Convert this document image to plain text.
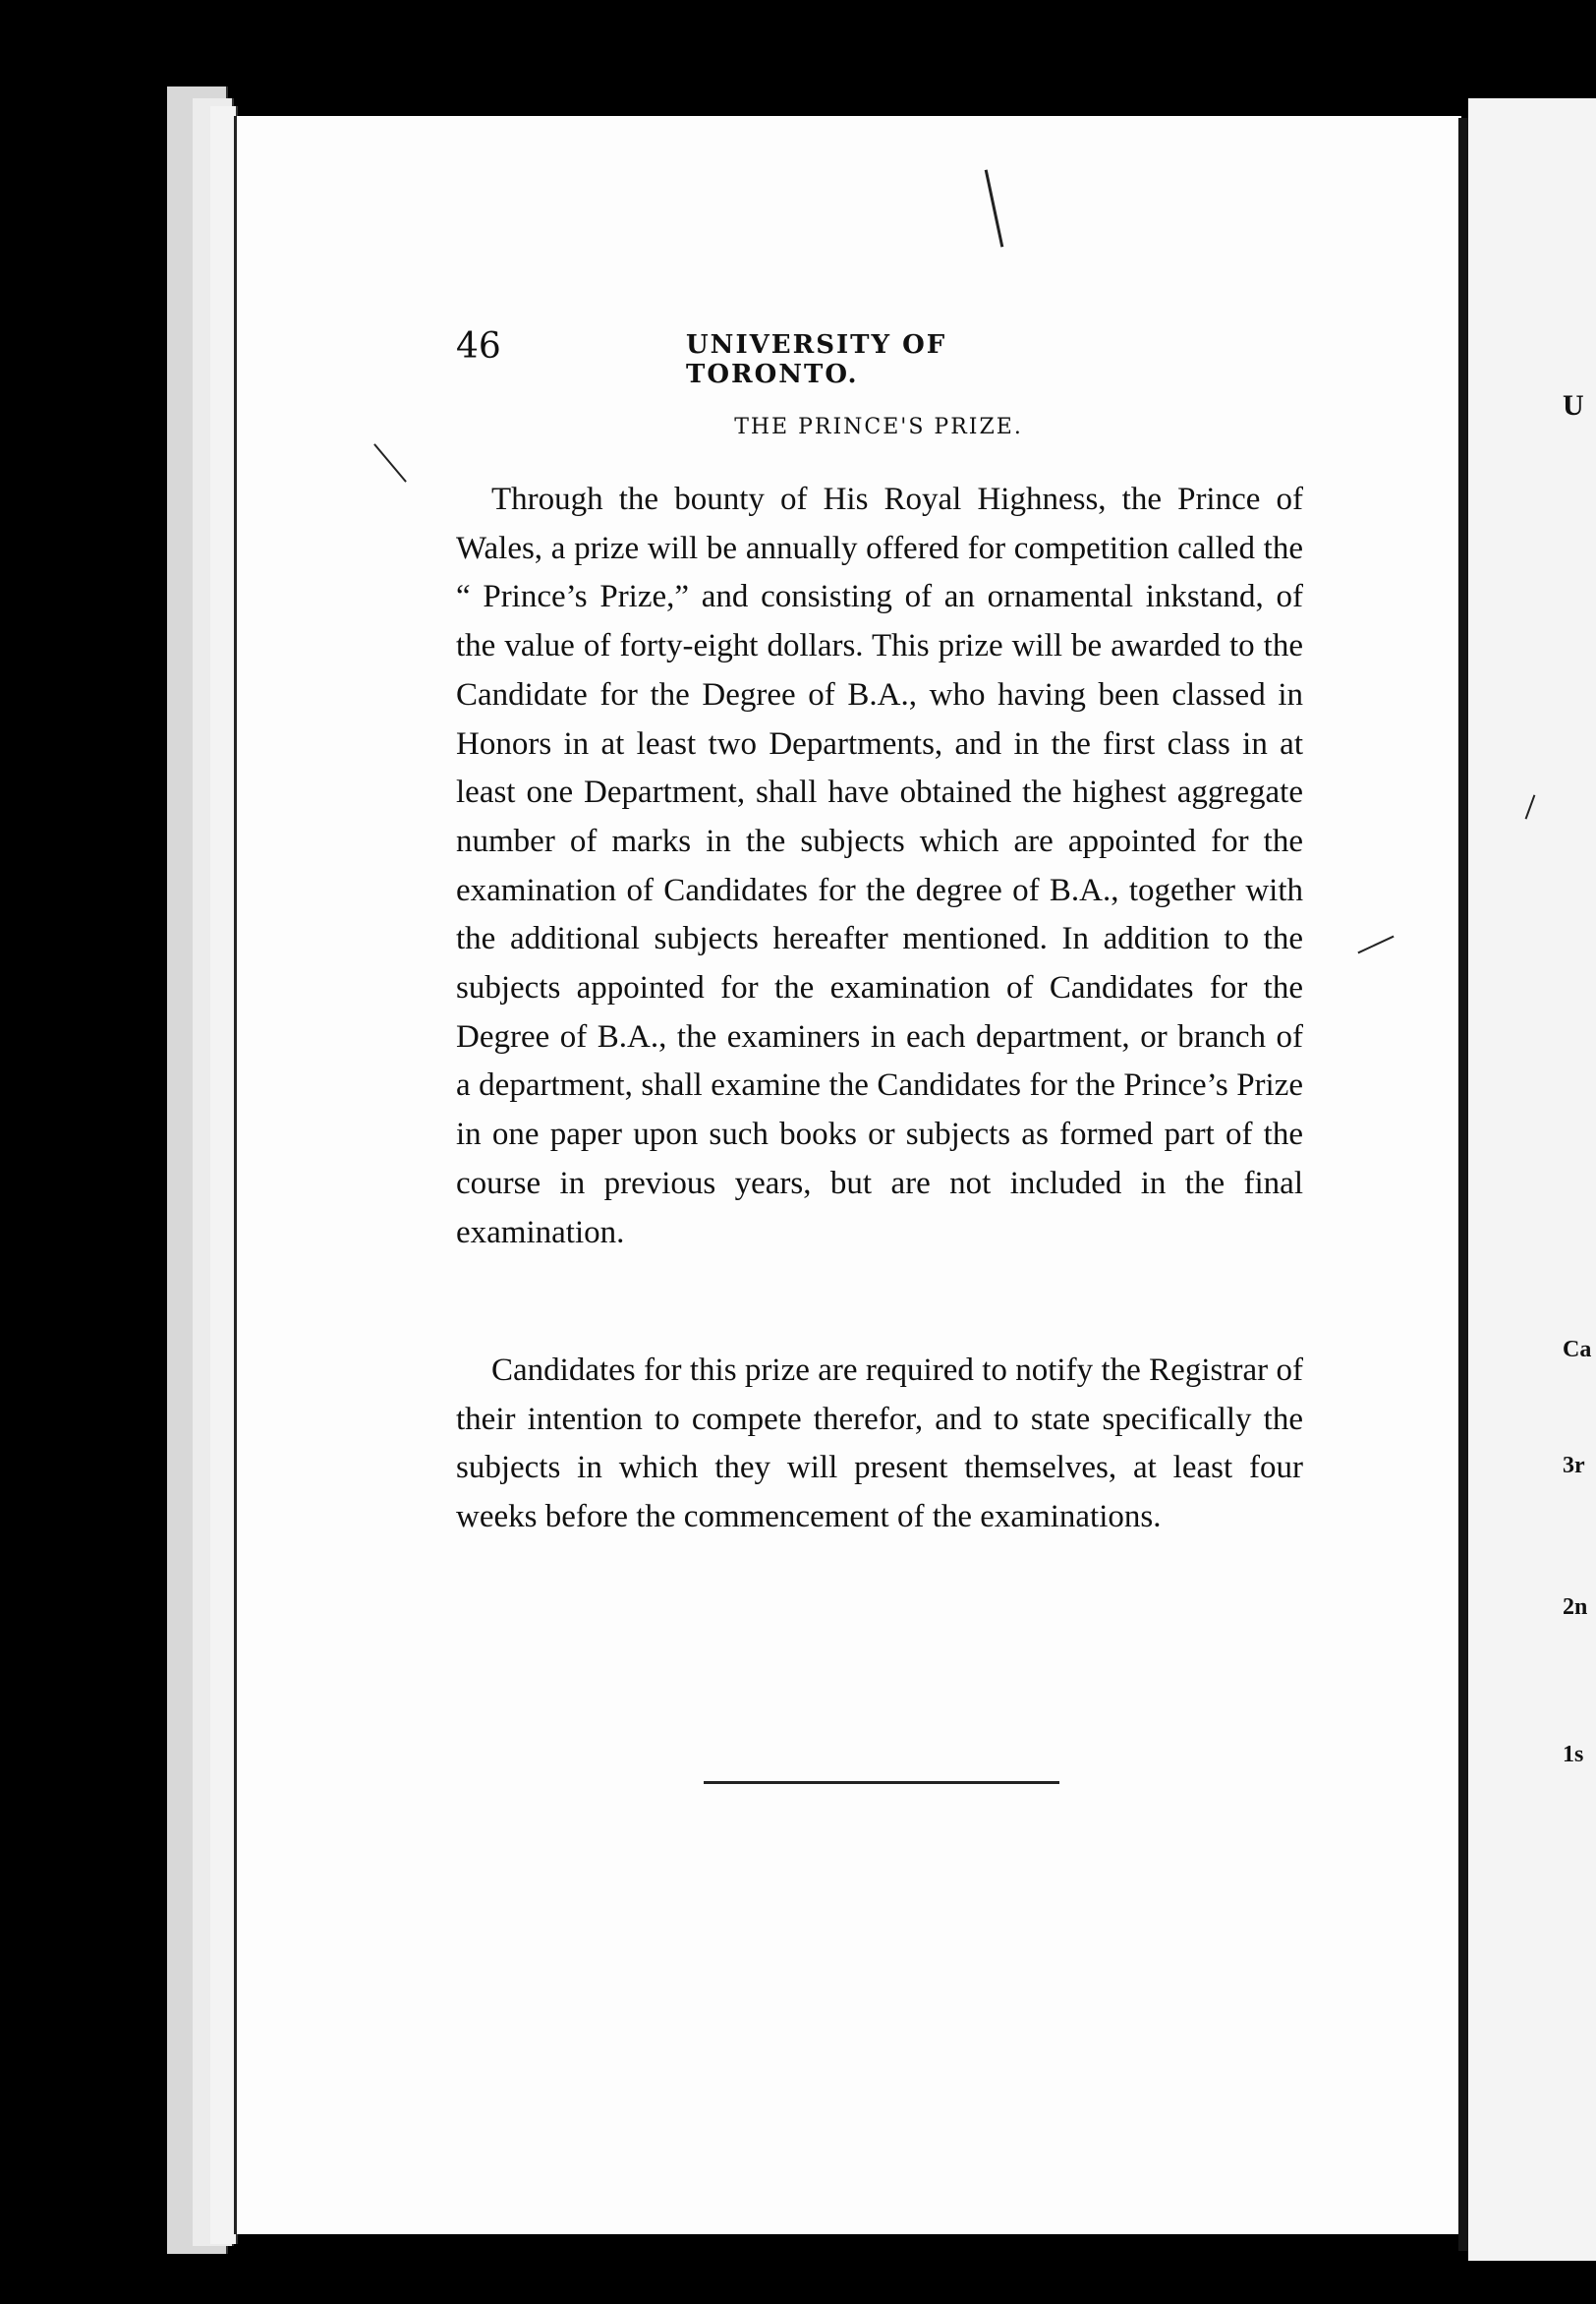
46	UNIVERSITY OF TORONTO.
THE PRINCE'S PRIZE.
Through the bounty of His Royal Highness, the Prince of Wales, a prize will be annually offered for competition called the “ Prince’s Prize,” and consisting of an ornamental inkstand, of the value of forty-eight dollars. This prize will be awarded to the Candidate for the Degree of B.A., who having been classed in Honors in at least two Departments, and in the first class in at least one Department, shall have obtained the highest aggregate number of marks in the subjects which are appointed for the examination of Candidates for the degree of B.A., together with the additional subjects hereafter mentioned. In addition to the subjects appointed for the examination of Candidates for the Degree of B.A., the examiners in each department, or branch of a department, shall examine the Candidates for the Prince’s Prize in one paper upon such books or subjects as formed part of the course in previous years, but are not included in the final examination.
Candidates for this prize are required to notify the Registrar of their intention to compete therefor, and to state specifically the subjects in which they will present themselves, at least four weeks before the commencement of the examinations.
U
Ca
3r
2n
1s
